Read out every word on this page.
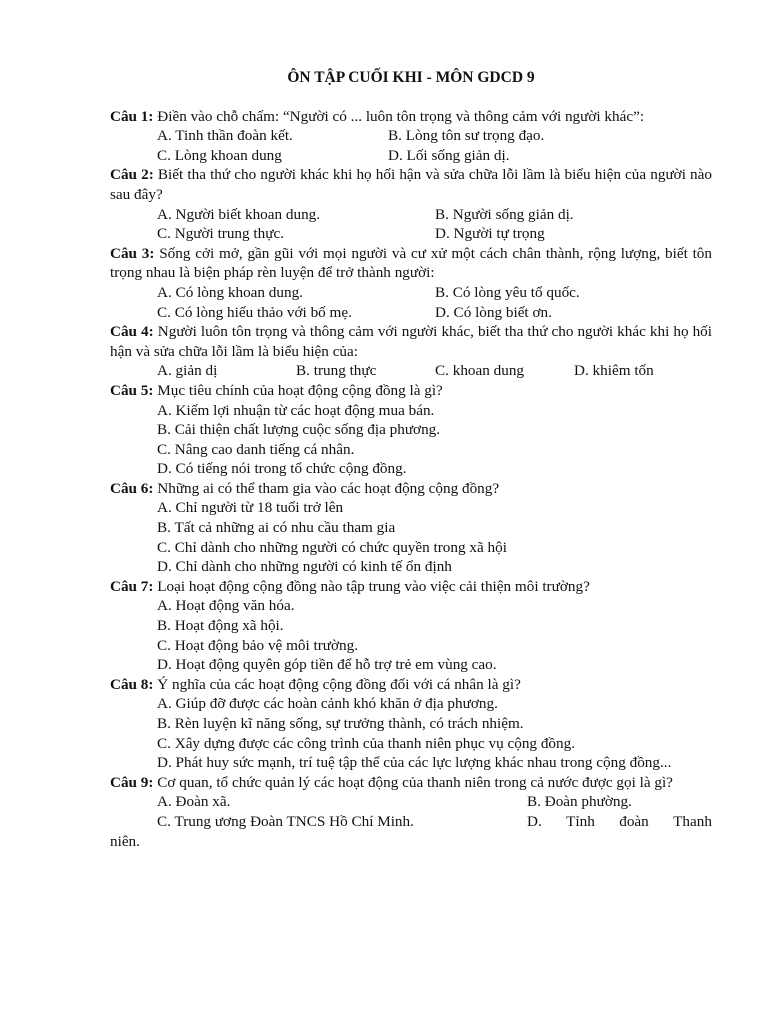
ÔN TẬP CUỐI KHI - MÔN GDCD 9
Câu 1: Điền vào chỗ chấm: “Người có ... luôn tôn trọng và thông cảm với người khác”:
A. Tinh thần đoàn kết.	B. Lòng tôn sư trọng đạo.
C. Lòng khoan dung	D. Lối sống giản dị.
Câu 2: Biết tha thứ cho người khác khi họ hối hận và sửa chữa lỗi lầm là biểu hiện của người nào sau đây?
A. Người biết khoan dung.	B. Người sống giản dị.
C. Người trung thực.	D. Người tự trọng
Câu 3: Sống cởi mở, gần gũi với mọi người và cư xử một cách chân thành, rộng lượng, biết tôn trọng nhau là biện pháp rèn luyện để trở thành người:
A. Có lòng khoan dung.	B. Có lòng yêu tổ quốc.
C. Có lòng hiếu thảo với bố mẹ.	D. Có lòng biết ơn.
Câu 4: Người luôn tôn trọng và thông cảm với người khác, biết tha thứ cho người khác khi họ hối hận và sửa chữa lỗi lầm là biểu hiện của:
A. giản dị	B. trung thực	C. khoan dung	D. khiêm tốn
Câu 5: Mục tiêu chính của hoạt động cộng đồng là gì?
A. Kiếm lợi nhuận từ các hoạt động mua bán.
B. Cải thiện chất lượng cuộc sống địa phương.
C. Nâng cao danh tiếng cá nhân.
D. Có tiếng nói trong tổ chức cộng đồng.
Câu 6: Những ai có thể tham gia vào các hoạt động cộng đồng?
A. Chỉ người từ 18 tuổi trở lên
B. Tất cả những ai có nhu cầu tham gia
C. Chỉ dành cho những người có chức quyền trong xã hội
D. Chỉ dành cho những người có kinh tế ổn định
Câu 7: Loại hoạt động cộng đồng nào tập trung vào việc cải thiện môi trường?
A. Hoạt động văn hóa.
B. Hoạt động xã hội.
C. Hoạt động bảo vệ môi trường.
D. Hoạt động quyên góp tiền để hỗ trợ trẻ em vùng cao.
Câu 8: Ý nghĩa của các hoạt động cộng đồng đối với cá nhân là gì?
A. Giúp đỡ được các hoàn cảnh khó khăn ở địa phương.
B. Rèn luyện kĩ năng sống, sự trưởng thành, có trách nhiệm.
C. Xây dựng được các công trình của thanh niên phục vụ cộng đồng.
D. Phát huy sức mạnh, trí tuệ tập thể của các lực lượng khác nhau trong cộng đồng...
Câu 9: Cơ quan, tổ chức quản lý các hoạt động của thanh niên trong cả nước được gọi là gì?
A. Đoàn xã.	B. Đoàn phường.
C. Trung ương Đoàn TNCS Hồ Chí Minh.	D. Tỉnh đoàn Thanh
niên.
